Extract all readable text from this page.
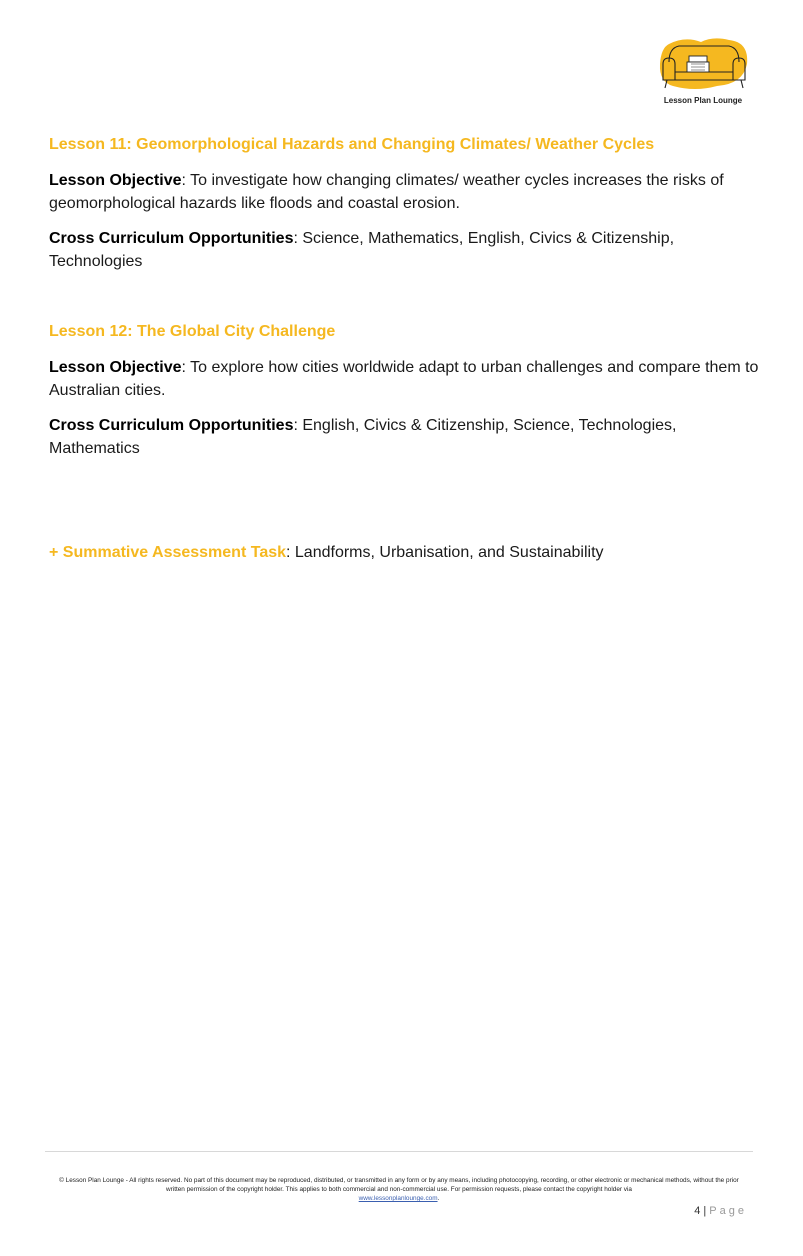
Lesson Plan Lounge
Lesson 11: Geomorphological Hazards and Changing Climates/ Weather Cycles

Lesson Objective: To investigate how changing climates/ weather cycles increases the risks of geomorphological hazards like floods and coastal erosion.

Cross Curriculum Opportunities: Science, Mathematics, English, Civics & Citizenship, Technologies

Lesson 12: The Global City Challenge

Lesson Objective: To explore how cities worldwide adapt to urban challenges and compare them to Australian cities.

Cross Curriculum Opportunities: English, Civics & Citizenship, Science, Technologies, Mathematics

+ Summative Assessment Task: Landforms, Urbanisation, and Sustainability
© Lesson Plan Lounge - All rights reserved. No part of this document may be reproduced, distributed, or transmitted in any form or by any means, including photocopying, recording, or other electronic or mechanical methods, without the prior written permission of the copyright holder. This applies to both commercial and non-commercial use. For permission requests, please contact the copyright holder via
www.lessonplanlounge.com.
4 | Page
